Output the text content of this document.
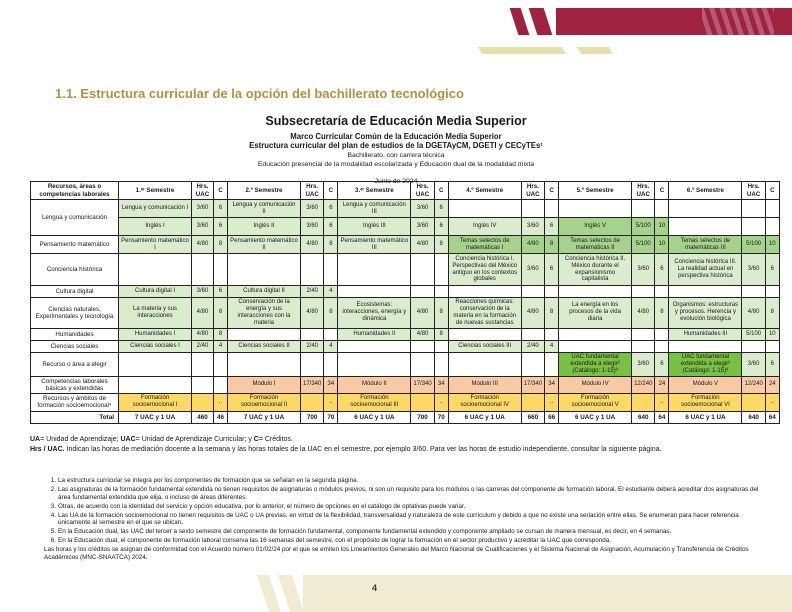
1.1. Estructura curricular de la opción del bachillerato tecnológico
Subsecretaría de Educación Media Superior
Marco Curricular Común de la Educación Media Superior
Estructura curricular del plan de estudios de la DGETAyCM, DGETI y CECyTEs¹
Bachillerato, con carrera técnica
Educación presencial de la modalidad escolarizada y Educación dual de la modalidad mixta
Junio de 2024
Recursos, áreas o competencias laborales	1.ᵉʳ Semestre	Hrs. UAC	C	2.º Semestre	Hrs. UAC	C	3.ᵉʳ Semestre	Hrs. UAC	C	4.º Semestre	Hrs. UAC	C	5.º Semestre	Hrs. UAC	C	6.º Semestre	Hrs. UAC	C
Lengua y comunicación	Lengua y comunicación I	3/60	6	Lengua y comunicación II	3/60	6	Lengua y comunicación III	3/60	6									
	Inglés I	3/60	6	Inglés II	3/60	6	Inglés III	3/60	6	Inglés IV	3/60	6	Inglés V	5/100	10			
Pensamiento matemático	Pensamiento matemático I	4/80	8	Pensamiento matemático II	4/80	8	Pensamiento matemático III	4/80	8	Temas selectos de matemáticas I	4/80	8	Temas selectos de matemáticas II	5/100	10	Temas selectos de matemáticas III	5/100	10
Conciencia histórica										Conciencia histórica I. Perspectivas del México antiguo en los contextos globales	3/60	6	Conciencia histórica II. México durante el expansionismo capitalista	3/60	6	Conciencia histórica III. La realidad actual en perspectiva histórica	3/60	6
Cultura digital	Cultura digital I	3/60	6	Cultura digital II	2/40	4												
Ciencias naturales, Experimentales y tecnología	La materia y sus interacciones	4/80	8	Conservación de la energía y sus interacciones con la materia	4/80	8	Ecosistemas: interacciones, energía y dinámica	4/80	8	Reacciones químicas: conservación de la materia en la formación de nuevas sustancias	4/80	8	La energía en los procesos de la vida diaria	4/80	8	Organismos: estructuras y procesos. Herencia y evolución biológica	4/80	8
Humanidades	Humanidades I	4/80	8				Humanidades II	4/80	8							Humanidades III	5/100	10
Ciencias sociales	Ciencias sociales I	2/40	4	Ciencias sociales II	2/40	4				Ciencias sociales III	2/40	4						
Recurso o área a elegir													UAC fundamental extendida a elegir² (Catálogo: 1-15)³	3/60	6	UAC fundamental extendida a elegir² (Catálogo: 1-15)³	3/60	6
Competencias laborales básicas y extendidas				Módulo I	17/340	34	Módulo II	17/340	34	Módulo III	17/340	34	Módulo IV	12/240	24	Módulo V	12/240	24
Recursos y ámbitos de formación socioemocional⁴	Formación socioemocional I		..	Formación socioemocional II		..	Formación socioemocional III		..	Formación socioemocional IV		..	Formación socioemocional V		..	Formación socioemocional VI		..
Total	7 UAC y 1 UA	460	46	7 UAC y 1 UA	700	70	6 UAC y 1 UA	700	70	6 UAC y 1 UA	660	66	6 UAC y 1 UA	640	64	6 UAC y 1 UA	640	64
UA= Unidad de Aprendizaje; UAC= Unidad de Aprendizaje Curricular; y C= Créditos.
Hrs / UAC. Indican las horas de mediación docente a la semana y las horas totales de la UAC en el semestre, por ejemplo 3/60. Para ver las horas de estudio independiente, consultar la siguiente página.
1. La estructura curricular se integra por los componentes de formación que se señalan en la segunda página.
2. Las asignaturas de la formación fundamental extendida no tienen requisitos de asignaturas o módulos previos, ni son un requisito para los módulos o las carreras del componente de formación laboral. El estudiante deberá acreditar dos asignaturas del área fundamental extendida que elija, o incluso de áreas diferentes.
3. Otras, de acuerdo con la identidad del servicio y opción educativa, por lo anterior, el número de opciones en el catálogo de optativas puede variar.
4. Las UA de la formación socioemocional no tienen requisitos de UAC o UA previas, en virtud de la flexibilidad, transversalidad y naturaleza de este currículum y debido a que no existe una seriación entre ellas. Se enumeran para hacer referencia únicamente al semestre en el que se ubican.
5. En la Educación dual, las UAC del tercer a sexto semestre del componente de formación fundamental, componente fundamental extendido y componente ampliado se cursan de manera mensual, es decir, en 4 semanas.
6. En la Educación dual, el componente de formación laboral conserva las 16 semanas del semestre, con el propósito de lograr la formación en el sector productivo y acreditar la UAC que corresponda.
Las horas y los créditos se asignan de conformidad con el Acuerdo número 01/02/24 por el que se emiten los Lineamientos Generales del Marco Nacional de Cualificaciones y el Sistema Nacional de Asignación, Acumulación y Transferencia de Créditos Académicos (MNC-SNAATCA) 2024.
4
